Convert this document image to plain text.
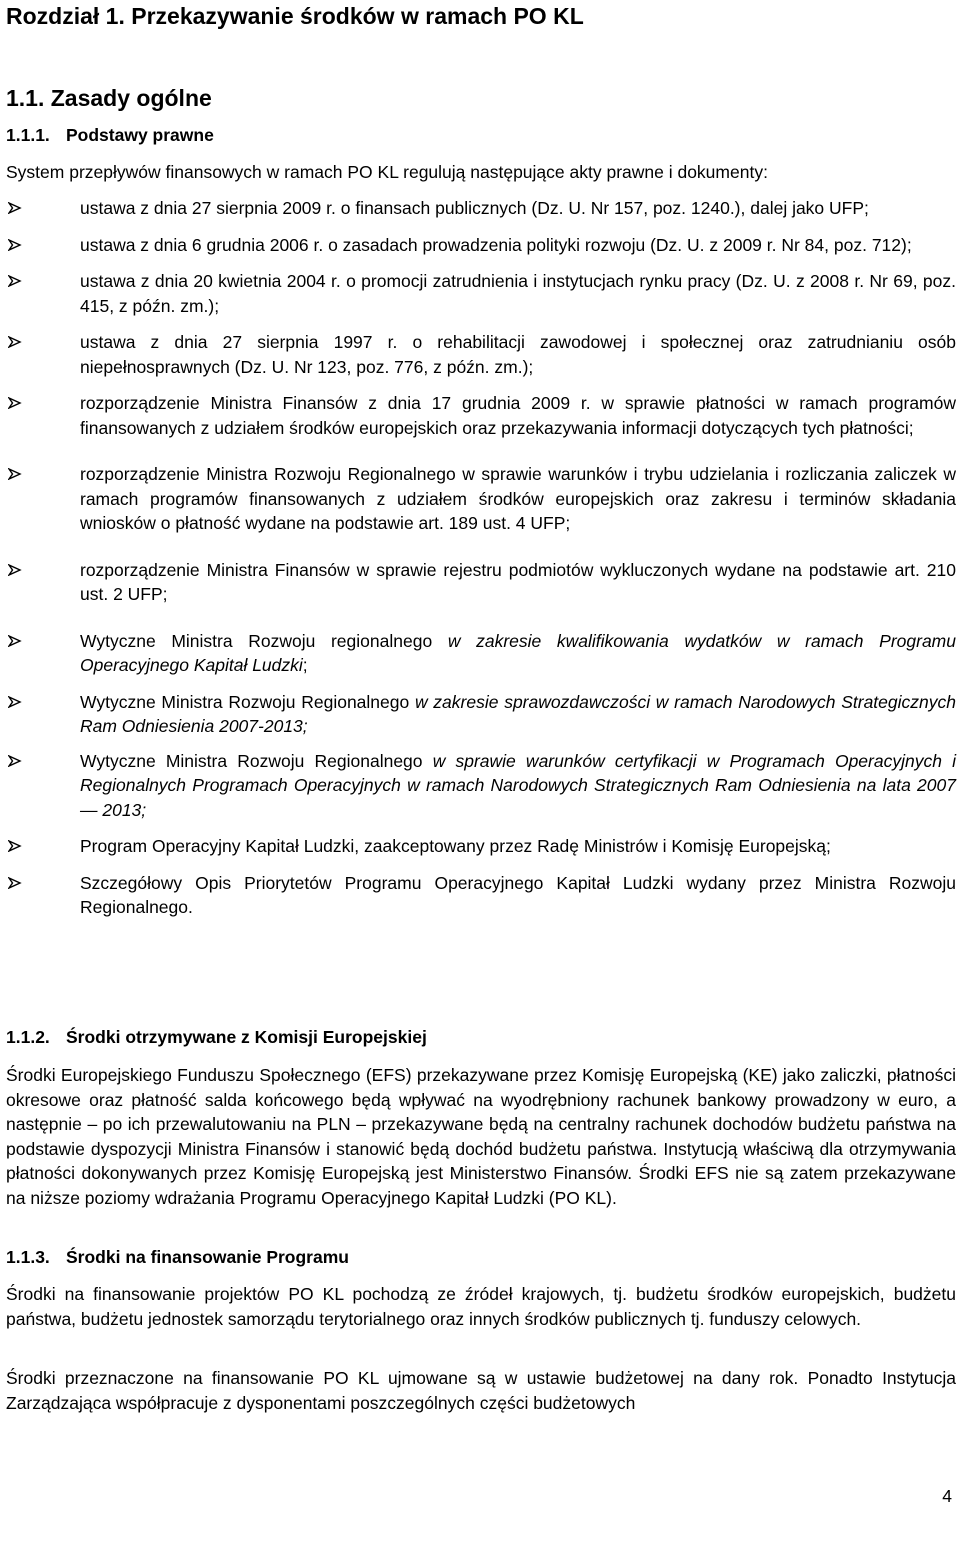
Rozdział 1. Przekazywanie środków w ramach PO KL
1.1. Zasady ogólne
1.1.1. Podstawy prawne
System przepływów finansowych w ramach PO KL regulują następujące akty prawne i dokumenty:
ustawa z dnia 27 sierpnia 2009 r. o finansach publicznych (Dz. U. Nr 157, poz. 1240.), dalej jako UFP;
ustawa z dnia 6 grudnia 2006 r. o zasadach prowadzenia polityki rozwoju (Dz. U. z 2009 r. Nr 84, poz. 712);
ustawa z dnia 20 kwietnia 2004 r. o promocji zatrudnienia i instytucjach rynku pracy (Dz. U. z 2008 r. Nr 69, poz. 415, z późn. zm.);
ustawa z dnia 27 sierpnia 1997 r. o rehabilitacji zawodowej i społecznej oraz zatrudnianiu osób niepełnosprawnych (Dz. U. Nr 123, poz. 776, z późn. zm.);
rozporządzenie Ministra Finansów z dnia 17 grudnia 2009 r. w sprawie płatności w ramach programów finansowanych z udziałem środków europejskich oraz przekazywania informacji dotyczących tych płatności;
rozporządzenie Ministra Rozwoju Regionalnego w sprawie warunków i trybu udzielania i rozliczania zaliczek w ramach programów finansowanych z udziałem środków europejskich oraz zakresu i terminów składania wniosków o płatność wydane na podstawie art. 189 ust. 4 UFP;
rozporządzenie Ministra Finansów w sprawie rejestru podmiotów wykluczonych wydane na podstawie art. 210 ust. 2 UFP;
Wytyczne Ministra Rozwoju regionalnego w zakresie kwalifikowania wydatków w ramach Programu Operacyjnego Kapitał Ludzki;
Wytyczne Ministra Rozwoju Regionalnego w zakresie sprawozdawczości w ramach Narodowych Strategicznych Ram Odniesienia 2007-2013;
Wytyczne Ministra Rozwoju Regionalnego w sprawie warunków certyfikacji w Programach Operacyjnych i Regionalnych Programach Operacyjnych w ramach Narodowych Strategicznych Ram Odniesienia na lata 2007 — 2013;
Program Operacyjny Kapitał Ludzki, zaakceptowany przez Radę Ministrów i Komisję Europejską;
Szczegółowy Opis Priorytetów Programu Operacyjnego Kapitał Ludzki wydany przez Ministra Rozwoju Regionalnego.
1.1.2. Środki otrzymywane z Komisji Europejskiej
Środki Europejskiego Funduszu Społecznego (EFS) przekazywane przez Komisję Europejską (KE) jako zaliczki, płatności okresowe oraz płatność salda końcowego będą wpływać na wyodrębniony rachunek bankowy prowadzony w euro, a następnie – po ich przewalutowaniu na PLN – przekazywane będą na centralny rachunek dochodów budżetu państwa na podstawie dyspozycji Ministra Finansów i stanowić będą dochód budżetu państwa. Instytucją właściwą dla otrzymywania płatności dokonywanych przez Komisję Europejską jest Ministerstwo Finansów. Środki EFS nie są zatem przekazywane na niższe poziomy wdrażania Programu Operacyjnego Kapitał Ludzki (PO KL).
1.1.3. Środki na finansowanie Programu
Środki na finansowanie projektów PO KL pochodzą ze źródeł krajowych, tj. budżetu środków europejskich, budżetu państwa, budżetu jednostek samorządu terytorialnego oraz innych środków publicznych tj. funduszy celowych.
Środki przeznaczone na finansowanie PO KL ujmowane są w ustawie budżetowej na dany rok. Ponadto Instytucja Zarządzająca współpracuje z dysponentami poszczególnych części budżetowych
4
